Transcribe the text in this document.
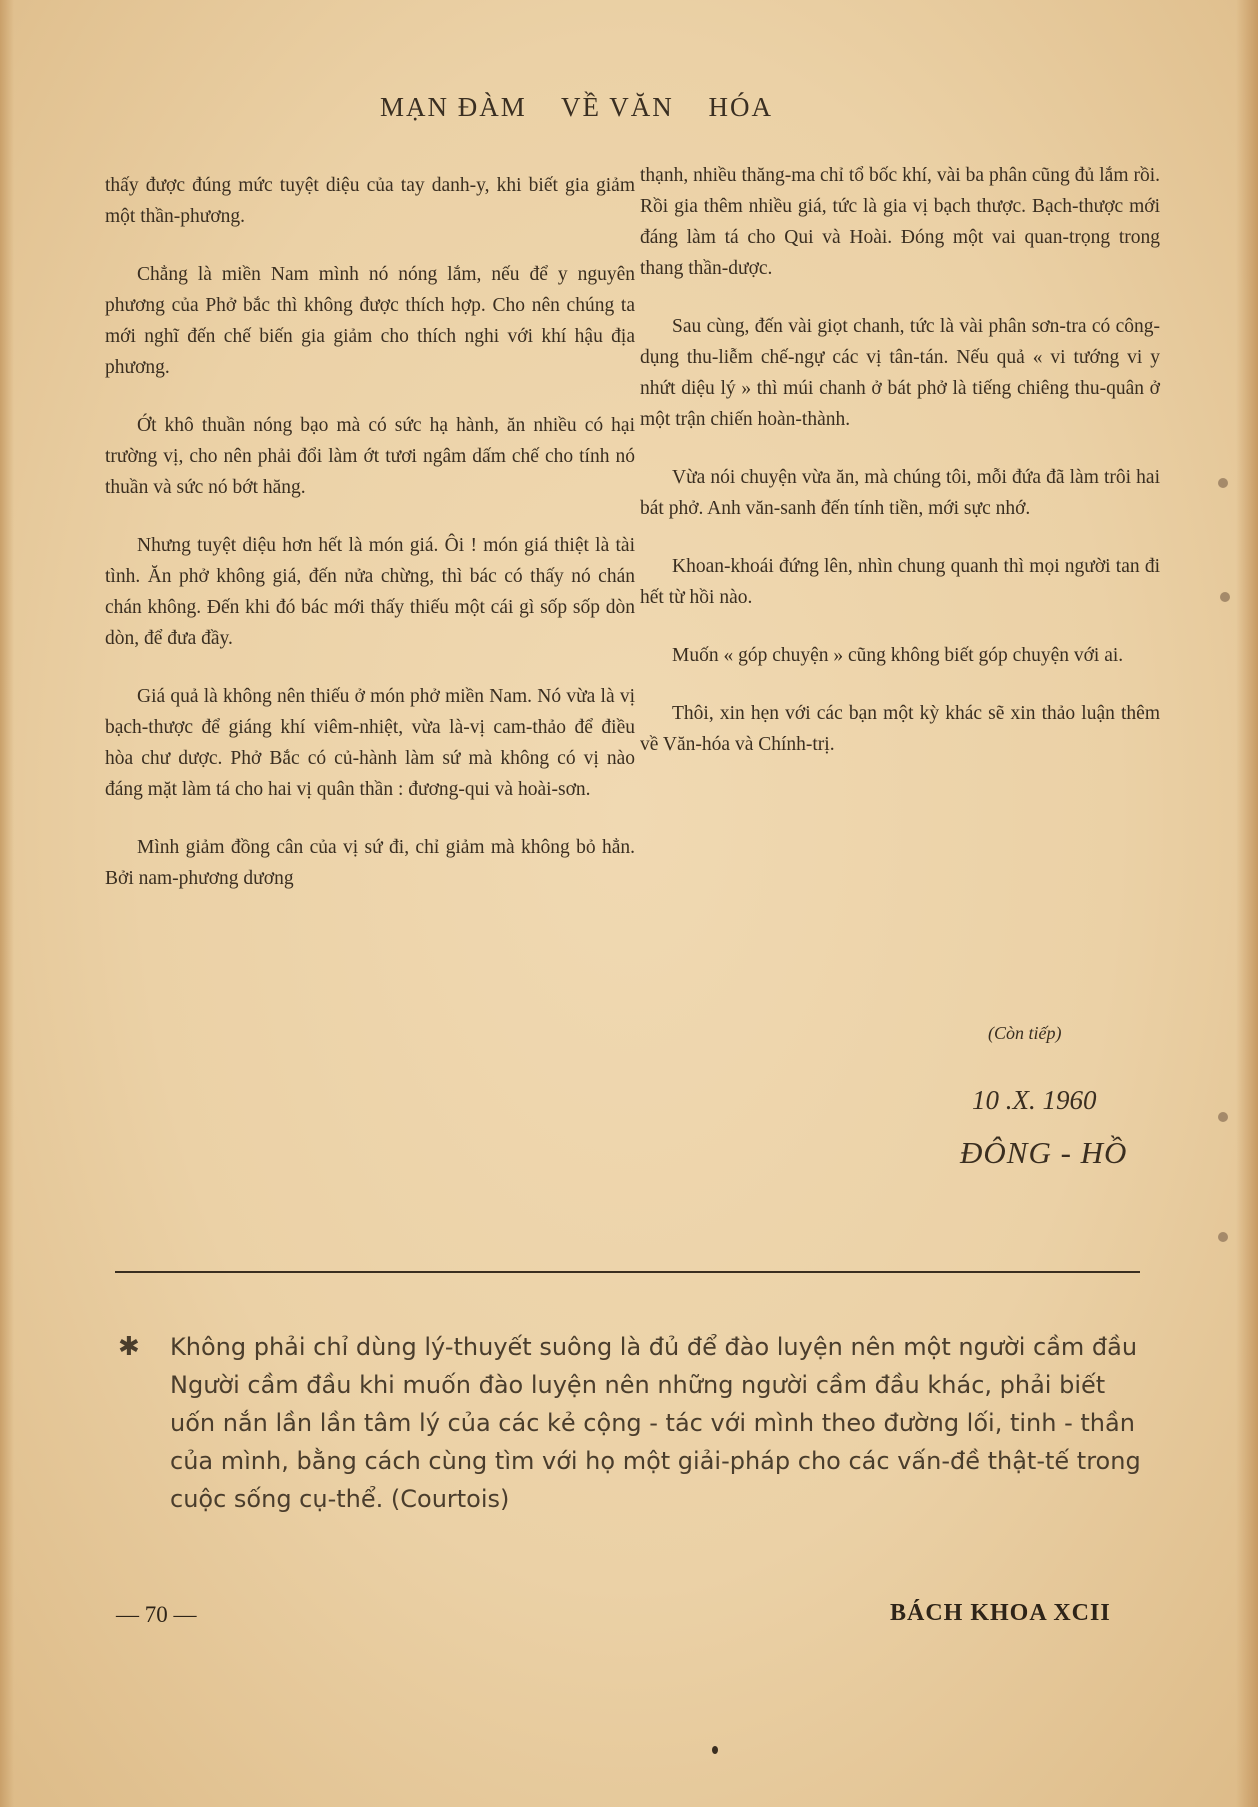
MẠN ĐÀM VỀ VĂN HÓA

thấy được đúng mức tuyệt diệu của tay danh-y, khi biết gia giảm một thần-phương.

Chẳng là miền Nam mình nó nóng lắm, nếu để y nguyên phương của Phở bắc thì không được thích hợp. Cho nên chúng ta mới nghĩ đến chế biến gia giảm cho thích nghi với khí hậu địa phương.

Ớt khô thuần nóng bạo mà có sức hạ hành, ăn nhiều có hại trường vị, cho nên phải đổi làm ớt tươi ngâm dấm chế cho tính nó thuần và sức nó bớt hăng.

Nhưng tuyệt diệu hơn hết là món giá. Ôi ! món giá thiệt là tài tình. Ăn phở không giá, đến nửa chừng, thì bác có thấy nó chán chán không. Đến khi đó bác mới thấy thiếu một cái gì sốp sốp dòn dòn, để đưa đầy.

Giá quả là không nên thiếu ở món phở miền Nam. Nó vừa là vị bạch-thược để giáng khí viêm-nhiệt, vừa là-vị cam-thảo để điều hòa chư dược. Phở Bắc có củ-hành làm sứ mà không có vị nào đáng mặt làm tá cho hai vị quân thần : đương-qui và hoài-sơn.

Mình giảm đồng cân của vị sứ đi, chỉ giảm mà không bỏ hẳn. Bởi nam-phương dương

thạnh, nhiều thăng-ma chỉ tổ bốc khí, vài ba phân cũng đủ lắm rồi. Rồi gia thêm nhiều giá, tức là gia vị bạch thược. Bạch-thược mới đáng làm tá cho Qui và Hoài. Đóng một vai quan-trọng trong thang thần-dược.

Sau cùng, đến vài giọt chanh, tức là vài phân sơn-tra có công-dụng thu-liễm chế-ngự các vị tân-tán. Nếu quả « vi tướng vi y nhứt diệu lý » thì múi chanh ở bát phở là tiếng chiêng thu-quân ở một trận chiến hoàn-thành.

Vừa nói chuyện vừa ăn, mà chúng tôi, mỗi đứa đã làm trôi hai bát phở. Anh văn-sanh đến tính tiền, mới sực nhớ.

Khoan-khoái đứng lên, nhìn chung quanh thì mọi người tan đi hết từ hồi nào.

Muốn « góp chuyện » cũng không biết góp chuyện với ai.

Thôi, xin hẹn với các bạn một kỳ khác sẽ xin thảo luận thêm về Văn-hóa và Chính-trị.

(Còn tiếp)
10 .X. 1960
ĐÔNG - HỒ
✱ Không phải chỉ dùng lý-thuyết suông là đủ để đào luyện nên một người cầm đầu Người cầm đầu khi muốn đào luyện nên những người cầm đầu khác, phải biết uốn nắn lần lần tâm lý của các kẻ cộng - tác với mình theo đường lối, tinh - thần của mình, bằng cách cùng tìm với họ một giải-pháp cho các vấn-đề thật-tế trong cuộc sống cụ-thể. (Courtois)
— 70 —	BÁCH KHOA XCII
